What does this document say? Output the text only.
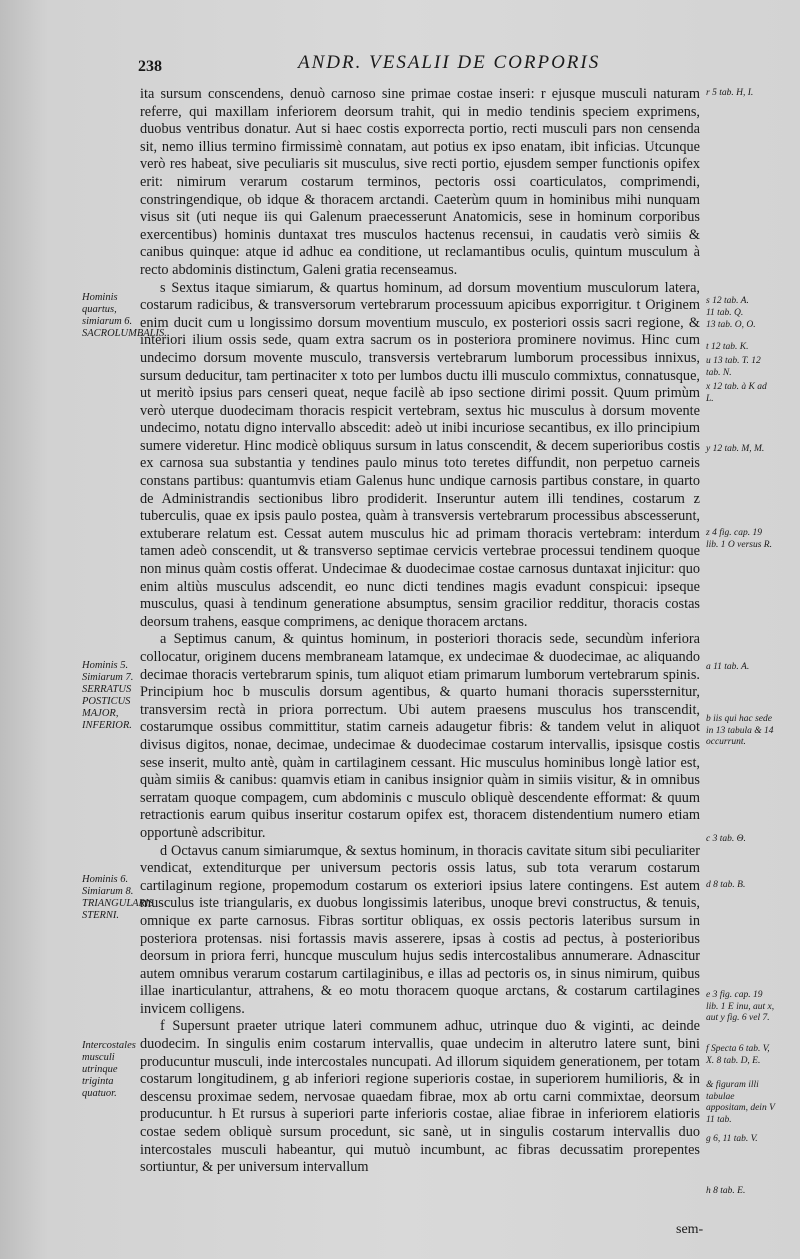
238	ANDR. VESALII DE CORPORIS

ita sursum conscendens, denuò carnoso sine primae costae inseri: r ejusque musculi naturam referre, qui maxillam inferiorem deorsum trahit, qui in medio tendinis speciem exprimens, duobus ventribus donatur. Aut si haec costis exporrecta portio, recti musculi pars non censenda sit, nemo illius termino firmissimè connatam, aut potius ex ipso enatam, ibit inficias. Utcunque verò res habeat, sive peculiaris sit musculus, sive recti portio, ejusdem semper functionis opifex erit: nimirum verarum costarum terminos, pectoris ossi coarticulatos, comprimendi, constringendique, ob idque & thoracem arctandi. Caeterùm quum in hominibus mihi nunquam visus sit (uti neque iis qui Galenum praecesserunt Anatomicis, sese in hominum corporibus exercentibus) hominis duntaxat tres musculos hactenus recensui, in caudatis verò simiis & canibus quinque: atque id adhuc ea conditione, ut reclamantibus oculis, quintum musculum à recto abdominis distinctum, Galeni gratia recenseamus.

s Sextus itaque simiarum, & quartus hominum, ad dorsum moventium musculorum latera, costarum radicibus, & transversorum vertebrarum processuum apicibus exporrigitur. t Originem enim ducit cum u longissimo dorsum moventium musculo, ex posteriori ossis sacri regione, & interiori ilium ossis sede, quam extra sacrum os in posteriora prominere novimus. Hinc cum undecimo dorsum movente musculo, transversis vertebrarum lumborum processibus innixus, sursum deducitur, tam pertinaciter x toto per lumbos ductu illi musculo commixtus, connatusque, ut meritò ipsius pars censeri queat, neque facilè ab ipso sectione dirimi possit. Quum primùm verò uterque duodecimam thoracis respicit vertebram, sextus hic musculus à dorsum movente undecimo, notatu digno intervallo abscedit: adeò ut inibi incuriose secantibus, ex illo principium sumere videretur. Hinc modicè obliquus sursum in latus conscendit, & decem superioribus costis ex carnosa sua substantia y tendines paulo minus toto teretes diffundit, non perpetuo carneis constans partibus: quantumvis etiam Galenus hunc undique carnosis partibus constare, in quarto de Administrandis sectionibus libro prodiderit. Inseruntur autem illi tendines, costarum z tuberculis, quae ex ipsis paulo postea, quàm à transversis vertebrarum processibus abscesserunt, extuberare relatum est. Cessat autem musculus hic ad primam thoracis vertebram: interdum tamen adeò conscendit, ut & transverso septimae cervicis vertebrae processui tendinem quoque non minus quàm costis offerat. Undecimae & duodecimae costae carnosus duntaxat injicitur: quo enim altiùs musculus adscendit, eo nunc dicti tendines magis evadunt conspicui: ipseque musculus, quasi à tendinum generatione absumptus, sensim gracilior redditur, thoracis costas deorsum trahens, easque comprimens, ac denique thoracem arctans.

a Septimus canum, & quintus hominum, in posteriori thoracis sede, secundùm inferiora collocatur, originem ducens membraneam latamque, ex undecimae & duodecimae, ac aliquando decimae thoracis vertebrarum spinis, tum aliquot etiam primarum lumborum vertebrarum spinis. Principium hoc b musculis dorsum agentibus, & quarto humani thoracis superssternitur, transversim rectà in priora porrectum. Ubi autem praesens musculus hos transcendit, costarumque ossibus committitur, statim carneis adaugetur fibris: & tandem velut in aliquot divisus digitos, nonae, decimae, undecimae & duodecimae costarum intervallis, ipsisque costis sese inserit, multo antè, quàm in cartilaginem cessant. Hic musculus hominibus longè latior est, quàm simiis & canibus: quamvis etiam in canibus insignior quàm in simiis visitur, & in omnibus serratam quoque compagem, cum abdominis c musculo obliquè descendente efformat: & quum retractionis earum quibus inseritur costarum opifex est, thoracem distendentium numero etiam opportunè adscribitur.

d Octavus canum simiarumque, & sextus hominum, in thoracis cavitate situm sibi peculiariter vendicat, extenditurque per universum pectoris ossis latus, sub tota verarum costarum cartilaginum regione, propemodum costarum os exteriori ipsius latere contingens. Est autem musculus iste triangularis, ex duobus longissimis lateribus, unoque brevi constructus, & tenuis, omnique ex parte carnosus. Fibras sortitur obliquas, ex ossis pectoris lateribus sursum in posteriora protensas. nisi fortassis mavis asserere, ipsas à costis ad pectus, à posterioribus deorsum in priora ferri, huncque musculum hujus sedis intercostalibus annumerare. Adnascitur autem omnibus verarum costarum cartilaginibus, e illas ad pectoris os, in sinus nimirum, quibus illae inarticulantur, attrahens, & eo motu thoracem quoque arctans, & costarum cartilagines invicem colligens.

f Supersunt praeter utrique lateri communem adhuc, utrinque duo & viginti, ac deinde duodecim. In singulis enim costarum intervallis, quae undecim in alterutro latere sunt, bini producuntur musculi, inde intercostales nuncupati. Ad illorum siquidem generationem, per totam costarum longitudinem, g ab inferiori regione superioris costae, in superiorem humilioris, & in descensu proximae sedem, nervosae quaedam fibrae, mox ab ortu carni commixtae, deorsum producuntur. h Et rursus à superiori parte inferioris costae, aliae fibrae in inferiorem elatioris costae sedem obliquè sursum procedunt, sic sanè, ut in singulis costarum intervallis duo intercostales musculi habeantur, qui mutuò incumbunt, ac fibras decussatim prorepentes sortiuntur, & per universum intervallum

Hominis quartus, simiarum 6. SACROLUMBALIS.
Hominis 5. Simiarum 7. SERRATUS POSTICUS MAJOR, INFERIOR.
Hominis 6. Simiarum 8. TRIANGULARIS STERNI.
Intercostales musculi utrinque triginta quatuor.
r 5 tab. H, I.
s 12 tab. A.
11 tab. Q.
13 tab. O, O.
t 12 tab. K.
u 13 tab. T. 12 tab. N.
x 12 tab. à K ad L.
y 12 tab. M, M.
z 4 fig. cap. 19 lib. 1 O versus R.
a 11 tab. A.
b iis qui hac sede in 13 tabula & 14 occurrunt.
c 3 tab. Θ.
d 8 tab. B.
e 3 fig. cap. 19 lib. 1 E inu, aut x, aut y fig. 6 vel 7.
f Specta 6 tab. V, X. 8 tab. D, E.
& figuram illi tabulae appositam, dein V 11 tab.
g 6, 11 tab. V.
h 8 tab. E.
sem-
